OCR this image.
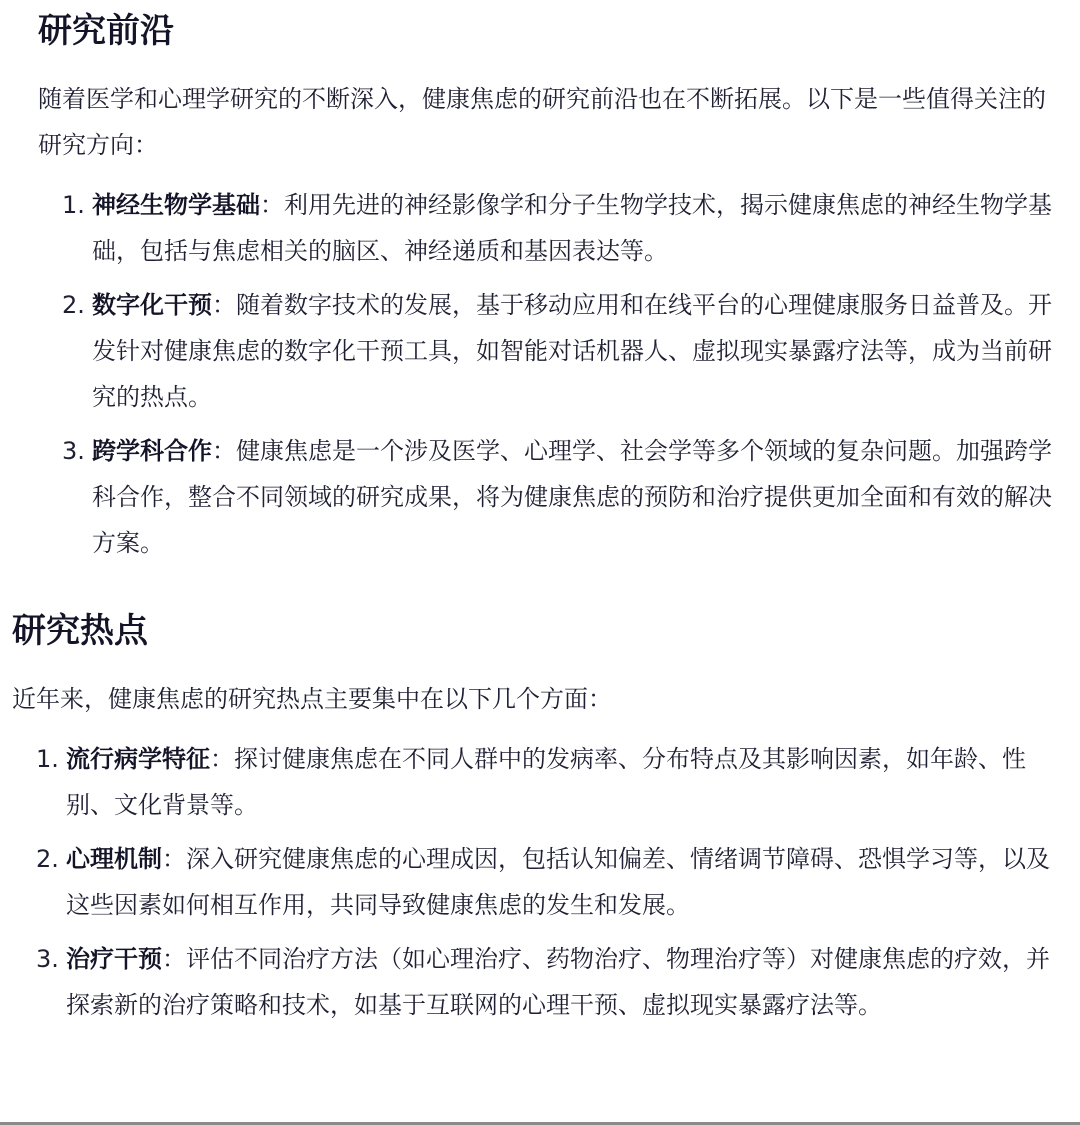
研究前沿

随着医学和心理学研究的不断深入，健康焦虑的研究前沿也在不断拓展。以下是一些值得关注的研究方向：

1. 神经生物学基础：利用先进的神经影像学和分子生物学技术，揭示健康焦虑的神经生物学基础，包括与焦虑相关的脑区、神经递质和基因表达等。
2. 数字化干预：随着数字技术的发展，基于移动应用和在线平台的心理健康服务日益普及。开发针对健康焦虑的数字化干预工具，如智能对话机器人、虚拟现实暴露疗法等，成为当前研究的热点。
3. 跨学科合作：健康焦虑是一个涉及医学、心理学、社会学等多个领域的复杂问题。加强跨学科合作，整合不同领域的研究成果，将为健康焦虑的预防和治疗提供更加全面和有效的解决方案。
研究热点

近年来，健康焦虑的研究热点主要集中在以下几个方面：

1. 流行病学特征：探讨健康焦虑在不同人群中的发病率、分布特点及其影响因素，如年龄、性别、文化背景等。
2. 心理机制：深入研究健康焦虑的心理成因，包括认知偏差、情绪调节障碍、恐惧学习等，以及这些因素如何相互作用，共同导致健康焦虑的发生和发展。
3. 治疗干预：评估不同治疗方法（如心理治疗、药物治疗、物理治疗等）对健康焦虑的疗效，并探索新的治疗策略和技术，如基于互联网的心理干预、虚拟现实暴露疗法等。
